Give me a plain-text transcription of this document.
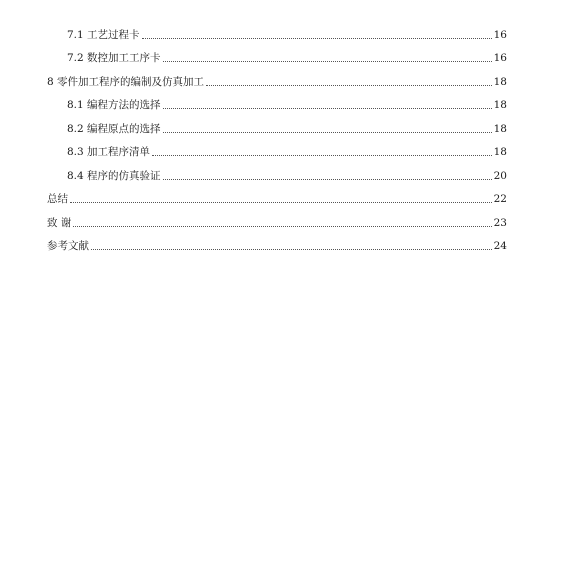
7.1 工艺过程卡	16
7.2 数控加工工序卡	16
8 零件加工程序的编制及仿真加工	18
8.1 编程方法的选择	18
8.2 编程原点的选择	18
8.3 加工程序清单	18
8.4 程序的仿真验证	20
总结	22
致 谢	23
参考文献	24
